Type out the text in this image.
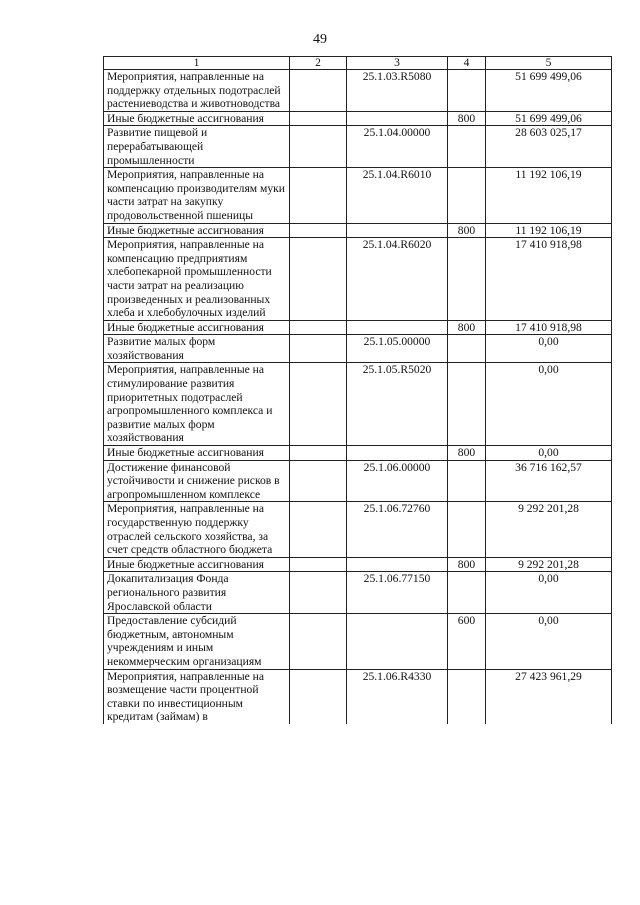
49
1	2	3	4	5
Мероприятия, направленные на поддержку отдельных подотраслей растениеводства и животноводства		25.1.03.R5080		51 699 499,06
Иные бюджетные ассигнования			800	51 699 499,06
Развитие пищевой и перерабатывающей промышленности		25.1.04.00000		28 603 025,17
Мероприятия, направленные на компенсацию производителям муки части затрат на закупку продовольственной пшеницы		25.1.04.R6010		11 192 106,19
Иные бюджетные ассигнования			800	11 192 106,19
Мероприятия, направленные на компенсацию предприятиям хлебопекарной промышленности части затрат на реализацию произведенных и реализованных хлеба и хлебобулочных изделий		25.1.04.R6020		17 410 918,98
Иные бюджетные ассигнования			800	17 410 918,98
Развитие малых форм хозяйствования		25.1.05.00000		0,00
Мероприятия, направленные на стимулирование развития приоритетных подотраслей агропромышленного комплекса и развитие малых форм хозяйствования		25.1.05.R5020		0,00
Иные бюджетные ассигнования			800	0,00
Достижение финансовой устойчивости и снижение рисков в агропромышленном комплексе		25.1.06.00000		36 716 162,57
Мероприятия, направленные на государственную поддержку отраслей сельского хозяйства, за счет средств областного бюджета		25.1.06.72760		9 292 201,28
Иные бюджетные ассигнования			800	9 292 201,28
Докапитализация Фонда регионального развития Ярославской области		25.1.06.77150		0,00
Предоставление субсидий бюджетным, автономным учреждениям и иным некоммерческим организациям			600	0,00
Мероприятия, направленные на возмещение части процентной ставки по инвестиционным кредитам (займам) в		25.1.06.R4330		27 423 961,29
